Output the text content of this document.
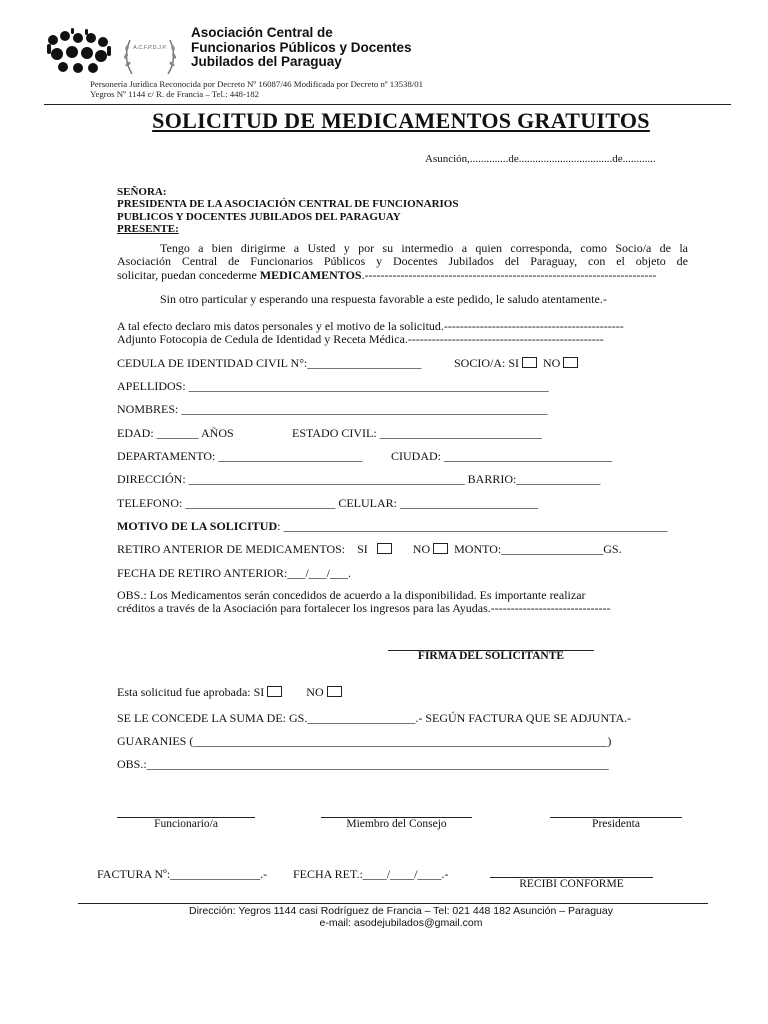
A.C.F.P.D.J.P.
Asociación Central de
Funcionarios Públicos y Docentes
Jubilados del Paraguay
Personería Jurídica Reconocida por Decreto Nº 16087/46 Modificada por Decreto nº 13538/01
Yegros Nº 1144 c/ R. de Francia – Tel.: 448-182
SOLICITUD DE MEDICAMENTOS GRATUITOS
Asunción,..............de..................................de............
SEÑORA:
PRESIDENTA DE LA ASOCIACIÓN CENTRAL DE FUNCIONARIOS
PUBLICOS Y DOCENTES JUBILADOS DEL PARAGUAY
PRESENTE:
Tengo a bien dirigirme a Usted y por su intermedio a quien corresponda, como Socio/a de la
Asociación Central de Funcionarios Públicos y Docentes Jubilados del Paraguay, con el objeto de
solicitar, puedan concederme MEDICAMENTOS.-------------------------------------------------------------------------
Sin otro particular y esperando una respuesta favorable a este pedido, le saludo atentamente.-
A tal efecto declaro mis datos personales y el motivo de la solicitud.---------------------------------------------
Adjunto Fotocopia de Cedula de Identidad y Receta Médica.-------------------------------------------------
CEDULA DE IDENTIDAD CIVIL N°:___________________	SOCIO/A: SI NO
APELLIDOS: ____________________________________________________________
NOMBRES: _____________________________________________________________
EDAD: _______ AÑOS	ESTADO CIVIL: ___________________________
DEPARTAMENTO: ________________________ CIUDAD: ____________________________
DIRECCIÓN: ______________________________________________ BARRIO:______________
TELEFONO: _________________________ CELULAR: _______________________
MOTIVO DE LA SOLICITUD: ________________________________________________________________
RETIRO ANTERIOR DE MEDICAMENTOS: SI	NO MONTO:_________________GS.
FECHA DE RETIRO ANTERIOR:___/___/___.
OBS.: Los Medicamentos serán concedidos de acuerdo a la disponibilidad. Es importante realizar
créditos a través de la Asociación para fortalecer los ingresos para las Ayudas.------------------------------
FIRMA DEL SOLICITANTE
Esta solicitud fue aprobada: SI	NO
SE LE CONCEDE LA SUMA DE: GS.__________________.- SEGÚN FACTURA QUE SE ADJUNTA.-
GUARANIES (_____________________________________________________________________)
OBS.:_____________________________________________________________________________
Funcionario/a	Miembro del Consejo	Presidenta
FACTURA Nº:_______________.- FECHA RET.:____/____/____.-
RECIBI CONFORME
Dirección: Yegros 1144 casi Rodríguez de Francia – Tel: 021 448 182 Asunción – Paraguay
e-mail: asodejubilados@gmail.com
